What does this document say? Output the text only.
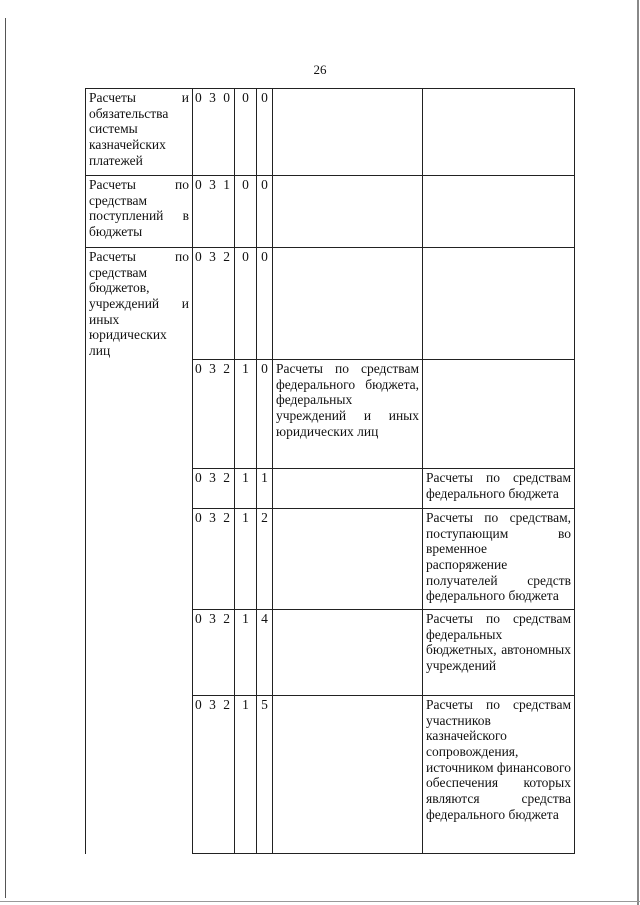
26
Расчеты и обязательства системы казначейских платежей	0 3 0	0	0		
Расчеты по средствам поступлений в бюджеты	0 3 1	0	0		
Расчеты по средствам бюджетов, учреждений и иных юридических лиц	0 3 2	0	0		
	0 3 2	1	0	Расчеты по средствам федерального бюджета, федеральных учреждений и иных юридических лиц	
	0 3 2	1	1		Расчеты по средствам федерального бюджета
	0 3 2	1	2		Расчеты по средствам, поступающим во временное распоряжение получателей средств федерального бюджета
	0 3 2	1	4		Расчеты по средствам федеральных бюджетных, автономных учреждений
	0 3 2	1	5		Расчеты по средствам участников казначейского сопровождения, источником финансового обеспечения которых являются средства федерального бюджета
